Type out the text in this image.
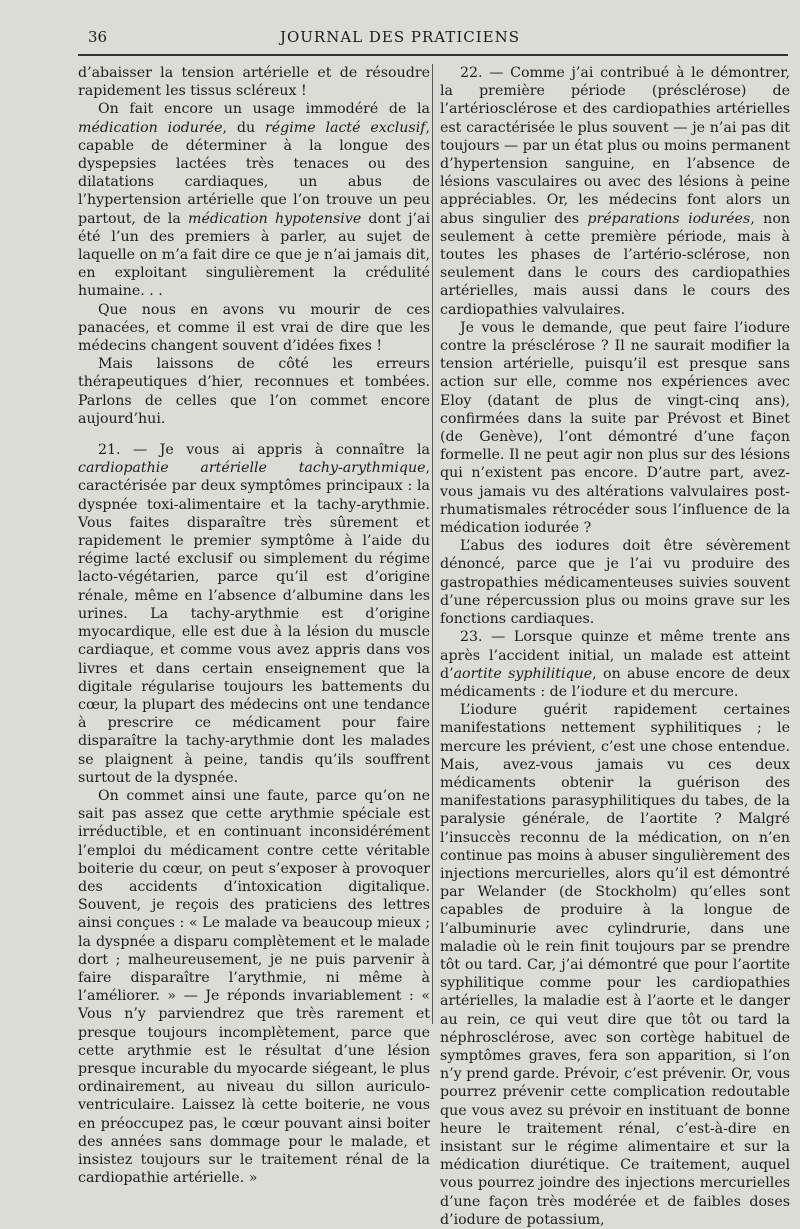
36	JOURNAL DES PRATICIENS

d’abaisser la tension artérielle et de résoudre rapidement les tissus scléreux !

On fait encore un usage immodéré de la médication iodurée, du régime lacté exclusif, capable de déterminer à la longue des dyspepsies lactées très tenaces ou des dilatations cardiaques, un abus de l’hypertension artérielle que l’on trouve un peu partout, de la médication hypotensive dont j’ai été l’un des premiers à parler, au sujet de laquelle on m’a fait dire ce que je n’ai jamais dit, en exploitant singulièrement la crédulité humaine. . .

Que nous en avons vu mourir de ces panacées, et comme il est vrai de dire que les médecins changent souvent d’idées fixes !

Mais laissons de côté les erreurs thérapeutiques d’hier, reconnues et tombées. Parlons de celles que l’on commet encore aujourd’hui.

21. — Je vous ai appris à connaître la cardiopathie artérielle tachy-arythmique, caractérisée par deux symptômes principaux : la dyspnée toxi-alimentaire et la tachy-arythmie. Vous faites disparaître très sûrement et rapidement le premier symptôme à l’aide du régime lacté exclusif ou simplement du régime lacto-végétarien, parce qu’il est d’origine rénale, même en l’absence d’albumine dans les urines. La tachy-arythmie est d’origine myocardique, elle est due à la lésion du muscle cardiaque, et comme vous avez appris dans vos livres et dans certain enseignement que la digitale régularise toujours les battements du cœur, la plupart des médecins ont une tendance à prescrire ce médicament pour faire disparaître la tachy-arythmie dont les malades se plaignent à peine, tandis qu’ils souffrent surtout de la dyspnée.

On commet ainsi une faute, parce qu’on ne sait pas assez que cette arythmie spéciale est irréductible, et en continuant inconsidérément l’emploi du médicament contre cette véritable boiterie du cœur, on peut s’exposer à provoquer des accidents d’intoxication digitalique. Souvent, je reçois des praticiens des lettres ainsi conçues : « Le malade va beaucoup mieux ; la dyspnée a disparu complètement et le malade dort ; malheureusement, je ne puis parvenir à faire disparaître l’arythmie, ni même à l’améliorer. » — Je réponds invariablement : « Vous n’y parviendrez que très rarement et presque toujours incomplètement, parce que cette arythmie est le résultat d’une lésion presque incurable du myocarde siégeant, le plus ordinairement, au niveau du sillon auriculo-ventriculaire. Laissez là cette boiterie, ne vous en préoccupez pas, le cœur pouvant ainsi boiter des années sans dommage pour le malade, et insistez toujours sur le traitement rénal de la cardiopathie artérielle. »

22. — Comme j’ai contribué à le démontrer, la première période (présclérose) de l’artériosclérose et des cardiopathies artérielles est caractérisée le plus souvent — je n’ai pas dit toujours — par un état plus ou moins permanent d’hypertension sanguine, en l’absence de lésions vasculaires ou avec des lésions à peine appréciables. Or, les médecins font alors un abus singulier des préparations iodurées, non seulement à cette première période, mais à toutes les phases de l’artério-sclérose, non seulement dans le cours des cardiopathies artérielles, mais aussi dans le cours des cardiopathies valvulaires.

Je vous le demande, que peut faire l’iodure contre la présclérose ? Il ne saurait modifier la tension artérielle, puisqu’il est presque sans action sur elle, comme nos expériences avec Eloy (datant de plus de vingt-cinq ans), confirmées dans la suite par Prévost et Binet (de Genève), l’ont démontré d’une façon formelle. Il ne peut agir non plus sur des lésions qui n’existent pas encore. D’autre part, avez-vous jamais vu des altérations valvulaires post-rhumatismales rétrocéder sous l’influence de la médication iodurée ?

L’abus des iodures doit être sévèrement dénoncé, parce que je l’ai vu produire des gastropathies médicamenteuses suivies souvent d’une répercussion plus ou moins grave sur les fonctions cardiaques.

23. — Lorsque quinze et même trente ans après l’accident initial, un malade est atteint d’aortite syphilitique, on abuse encore de deux médicaments : de l’iodure et du mercure.

L’iodure guérit rapidement certaines manifestations nettement syphilitiques ; le mercure les prévient, c’est une chose entendue. Mais, avez-vous jamais vu ces deux médicaments obtenir la guérison des manifestations parasyphilitiques du tabes, de la paralysie générale, de l’aortite ? Malgré l’insuccès reconnu de la médication, on n’en continue pas moins à abuser singulièrement des injections mercurielles, alors qu’il est démontré par Welander (de Stockholm) qu’elles sont capables de produire à la longue de l’albuminurie avec cylindrurie, dans une maladie où le rein finit toujours par se prendre tôt ou tard. Car, j’ai démontré que pour l’aortite syphilitique comme pour les cardiopathies artérielles, la maladie est à l’aorte et le danger au rein, ce qui veut dire que tôt ou tard la néphrosclérose, avec son cortège habituel de symptômes graves, fera son apparition, si l’on n’y prend garde. Prévoir, c’est prévenir. Or, vous pourrez prévenir cette complication redoutable que vous avez su prévoir en instituant de bonne heure le traitement rénal, c’est-à-dire en insistant sur le régime alimentaire et sur la médication diurétique. Ce traitement, auquel vous pourrez joindre des injections mercurielles d’une façon très modérée et de faibles doses d’iodure de potassium,
